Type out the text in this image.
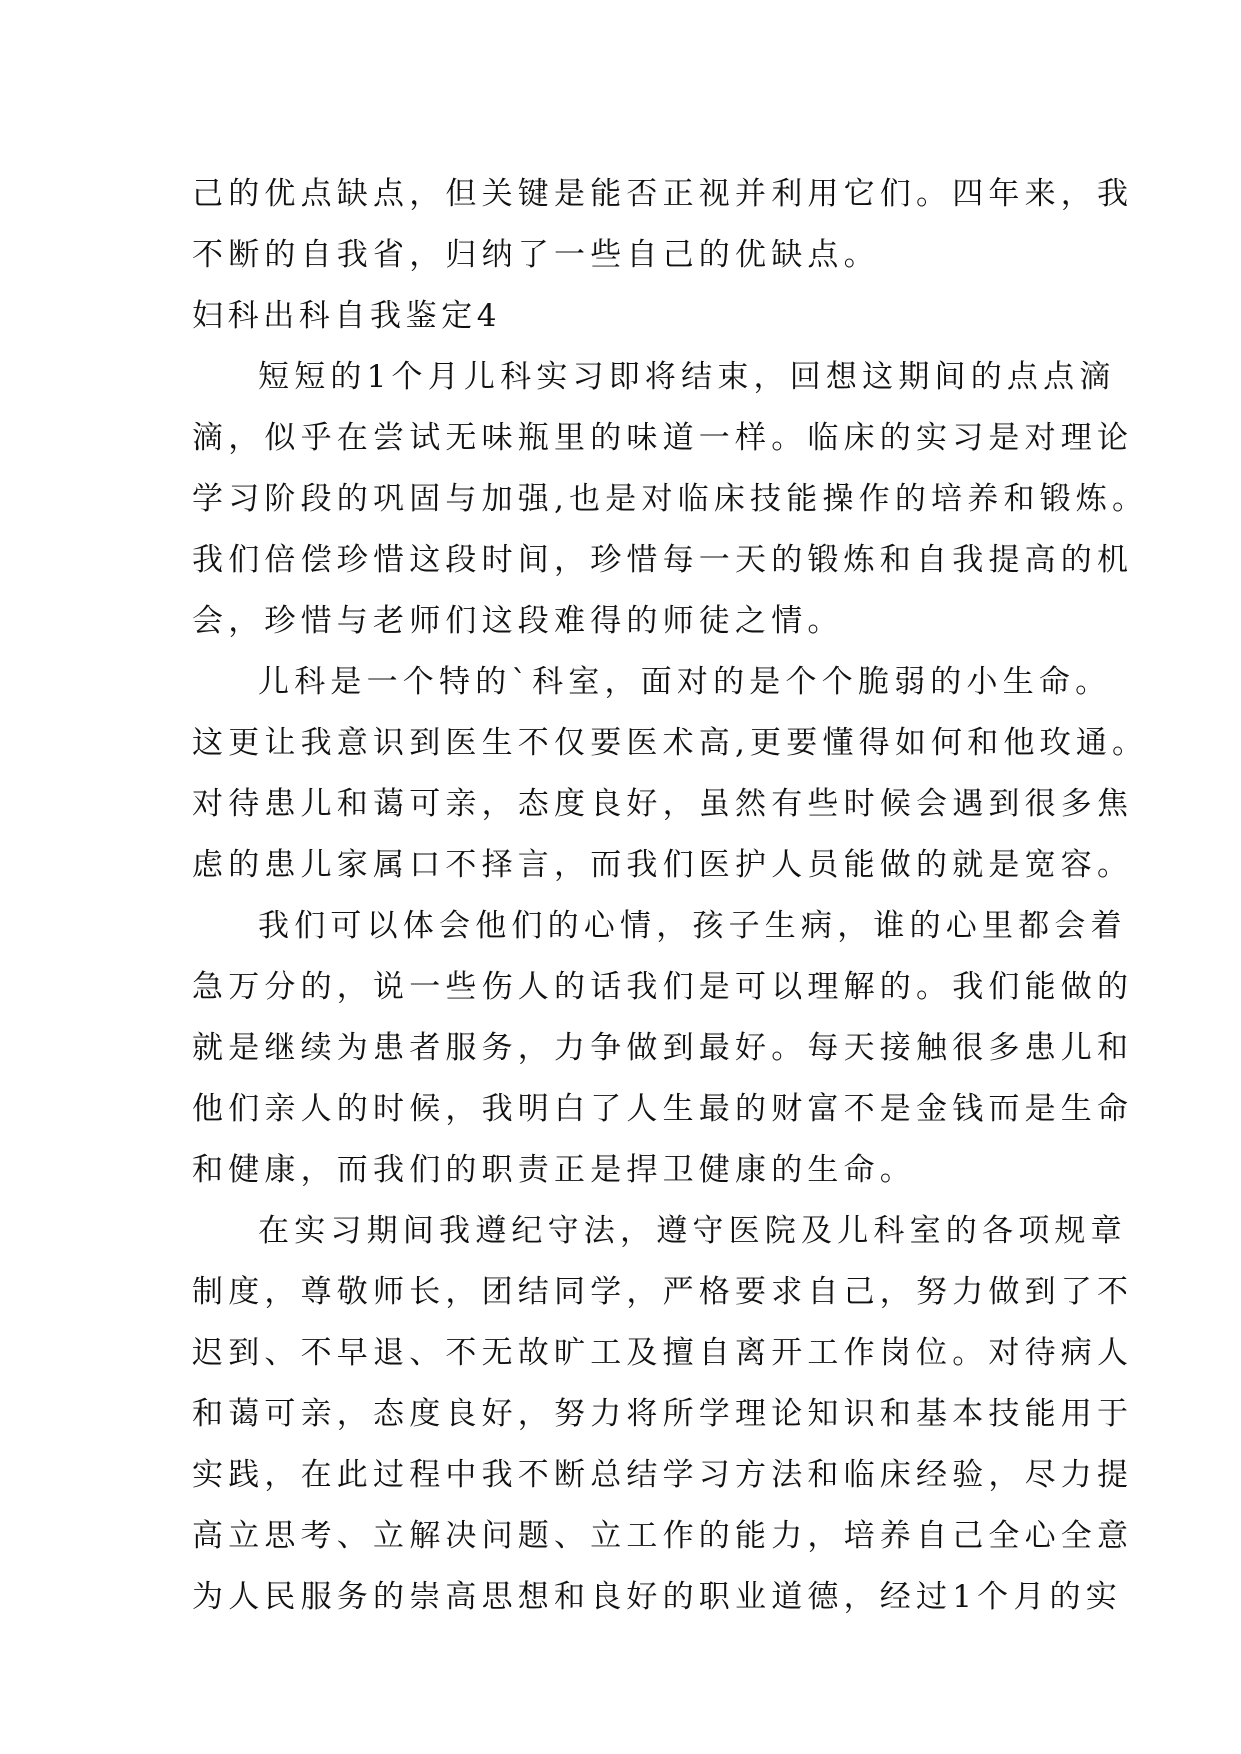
己的优点缺点，但关键是能否正视并利用它们。四年来，我
不断的自我省，归纳了一些自己的优缺点。
妇科出科自我鉴定4
短短的1个月儿科实习即将结束，回想这期间的点点滴
滴，似乎在尝试无味瓶里的味道一样。临床的实习是对理论
学习阶段的巩固与加强,也是对临床技能操作的培养和锻炼。
我们倍偿珍惜这段时间，珍惜每一天的锻炼和自我提高的机
会，珍惜与老师们这段难得的师徒之情。
儿科是一个特的`科室，面对的是个个脆弱的小生命。
这更让我意识到医生不仅要医术高,更要懂得如何和他玫通。
对待患儿和蔼可亲，态度良好，虽然有些时候会遇到很多焦
虑的患儿家属口不择言，而我们医护人员能做的就是宽容。
我们可以体会他们的心情，孩子生病，谁的心里都会着
急万分的，说一些伤人的话我们是可以理解的。我们能做的
就是继续为患者服务，力争做到最好。每天接触很多患儿和
他们亲人的时候，我明白了人生最的财富不是金钱而是生命
和健康，而我们的职责正是捍卫健康的生命。
在实习期间我遵纪守法，遵守医院及儿科室的各项规章
制度，尊敬师长，团结同学，严格要求自己，努力做到了不
迟到、不早退、不无故旷工及擅自离开工作岗位。对待病人
和蔼可亲，态度良好，努力将所学理论知识和基本技能用于
实践，在此过程中我不断总结学习方法和临床经验，尽力提
高立思考、立解决问题、立工作的能力，培养自己全心全意
为人民服务的崇高思想和良好的职业道德，经过1个月的实
